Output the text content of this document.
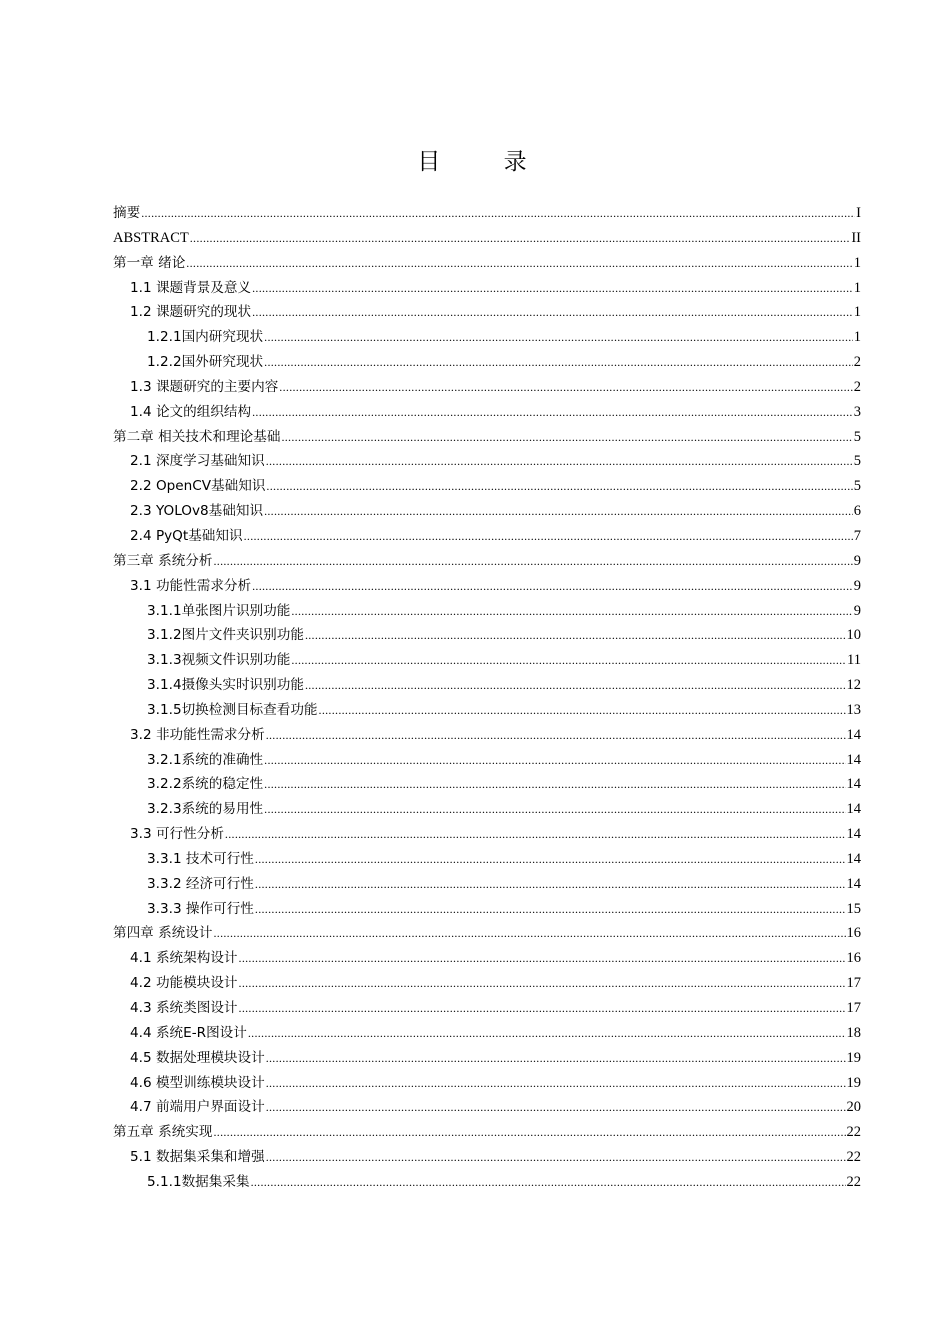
目 录
摘要 .....	I
ABSTRACT .....	II
第一章 绪论 .....	1
1.1 课题背景及意义 .....	1
1.2 课题研究的现状 .....	1
1.2.1国内研究现状 .....	1
1.2.2国外研究现状 .....	2
1.3 课题研究的主要内容 .....	2
1.4 论文的组织结构 .....	3
第二章 相关技术和理论基础 .....	5
2.1 深度学习基础知识 .....	5
2.2 OpenCV基础知识 .....	5
2.3 YOLOv8基础知识 .....	6
2.4 PyQt基础知识 .....	7
第三章 系统分析 .....	9
3.1 功能性需求分析 .....	9
3.1.1单张图片识别功能 .....	9
3.1.2图片文件夹识别功能 .....	10
3.1.3视频文件识别功能 .....	11
3.1.4摄像头实时识别功能 .....	12
3.1.5切换检测目标查看功能 .....	13
3.2 非功能性需求分析 .....	14
3.2.1系统的准确性 .....	14
3.2.2系统的稳定性 .....	14
3.2.3系统的易用性 .....	14
3.3 可行性分析 .....	14
3.3.1 技术可行性 .....	14
3.3.2 经济可行性 .....	14
3.3.3 操作可行性 .....	15
第四章 系统设计 .....	16
4.1 系统架构设计 .....	16
4.2 功能模块设计 .....	17
4.3 系统类图设计 .....	17
4.4 系统E-R图设计 .....	18
4.5 数据处理模块设计 .....	19
4.6 模型训练模块设计 .....	19
4.7 前端用户界面设计 .....	20
第五章 系统实现 .....	22
5.1 数据集采集和增强 .....	22
5.1.1数据集采集 .....	22
